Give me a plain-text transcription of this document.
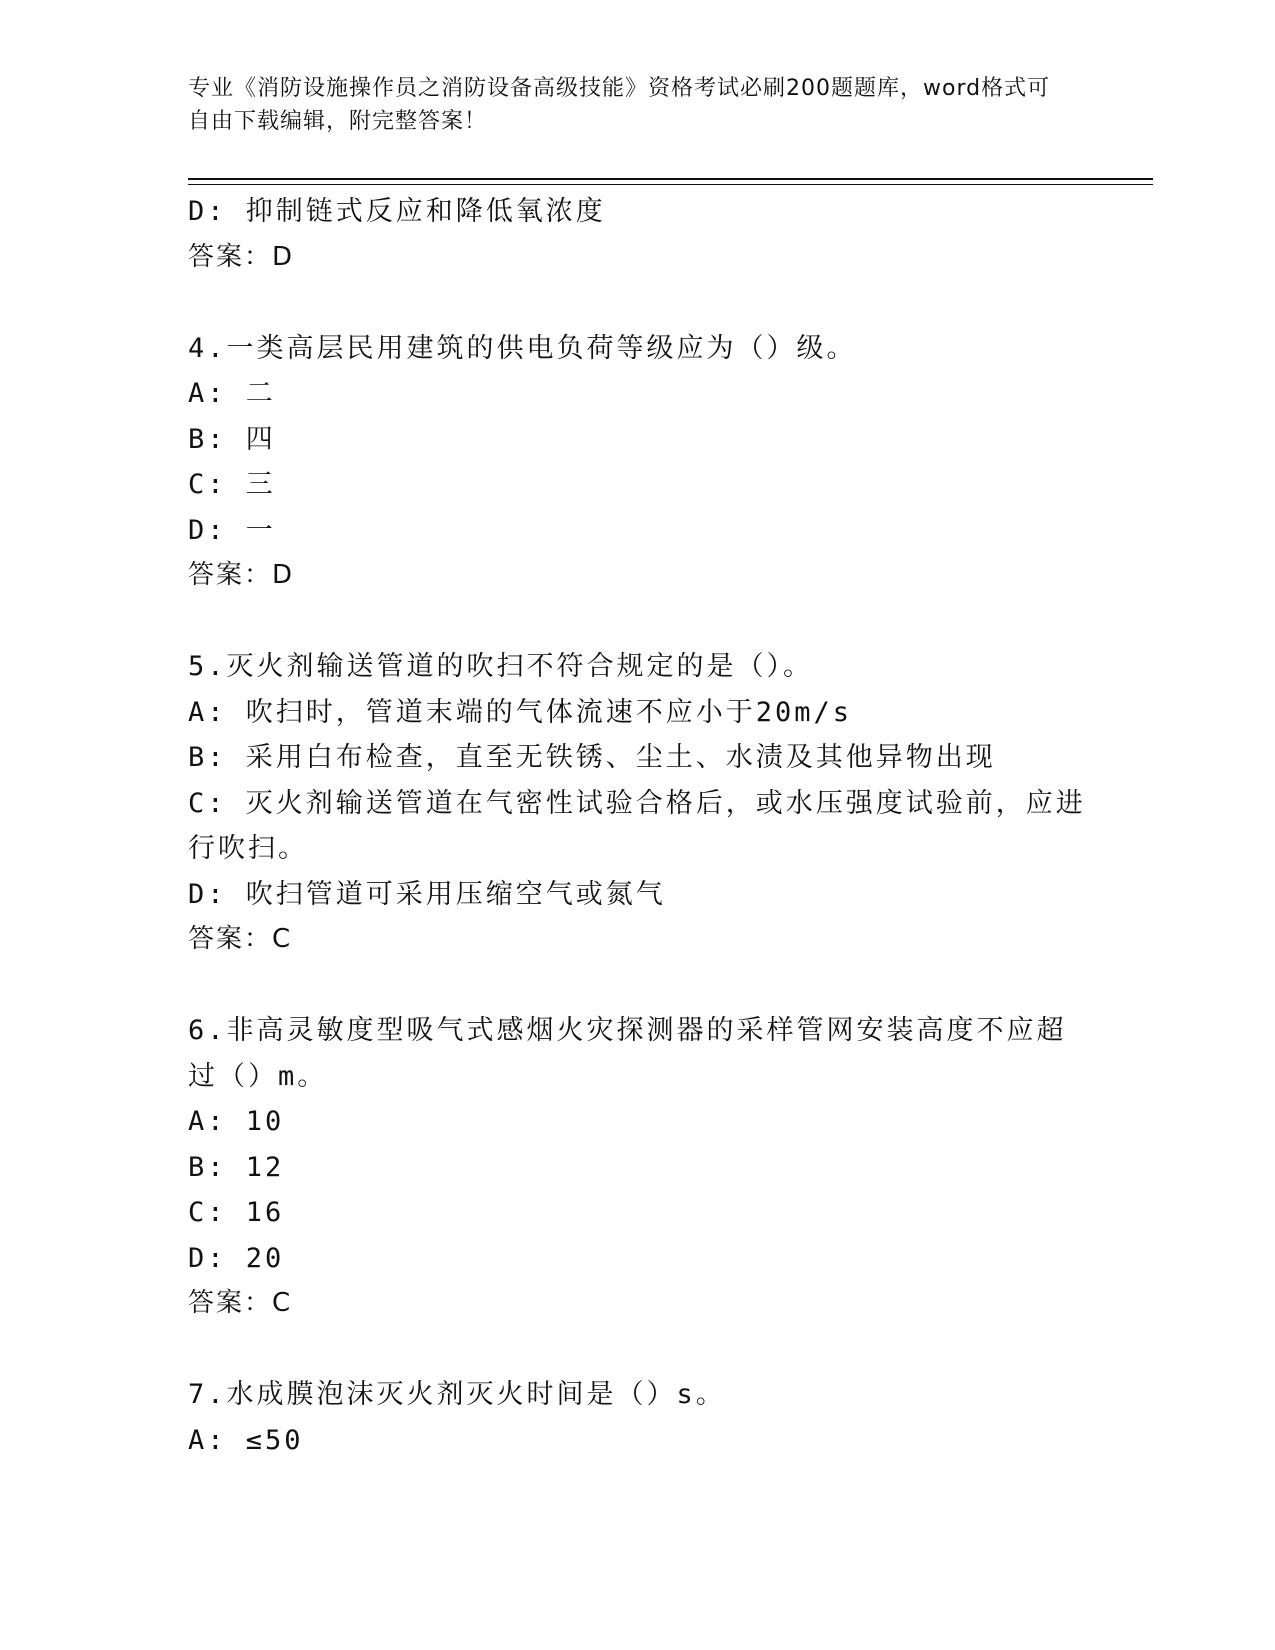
专业《消防设施操作员之消防设备高级技能》资格考试必刷200题题库，word格式可自由下载编辑，附完整答案！
D: 抑制链式反应和降低氧浓度
答案：D
4.一类高层民用建筑的供电负荷等级应为（）级。
A: 二
B: 四
C: 三
D: 一
答案：D
5.灭火剂输送管道的吹扫不符合规定的是（）。
A: 吹扫时，管道末端的气体流速不应小于20m/s
B: 采用白布检查，直至无铁锈、尘土、水渍及其他异物出现
C: 灭火剂输送管道在气密性试验合格后，或水压强度试验前，应进行吹扫。
D: 吹扫管道可采用压缩空气或氮气
答案：C
6.非高灵敏度型吸气式感烟火灾探测器的采样管网安装高度不应超过（）m。
A: 10
B: 12
C: 16
D: 20
答案：C
7.水成膜泡沫灭火剂灭火时间是（）s。
A: ≤50
